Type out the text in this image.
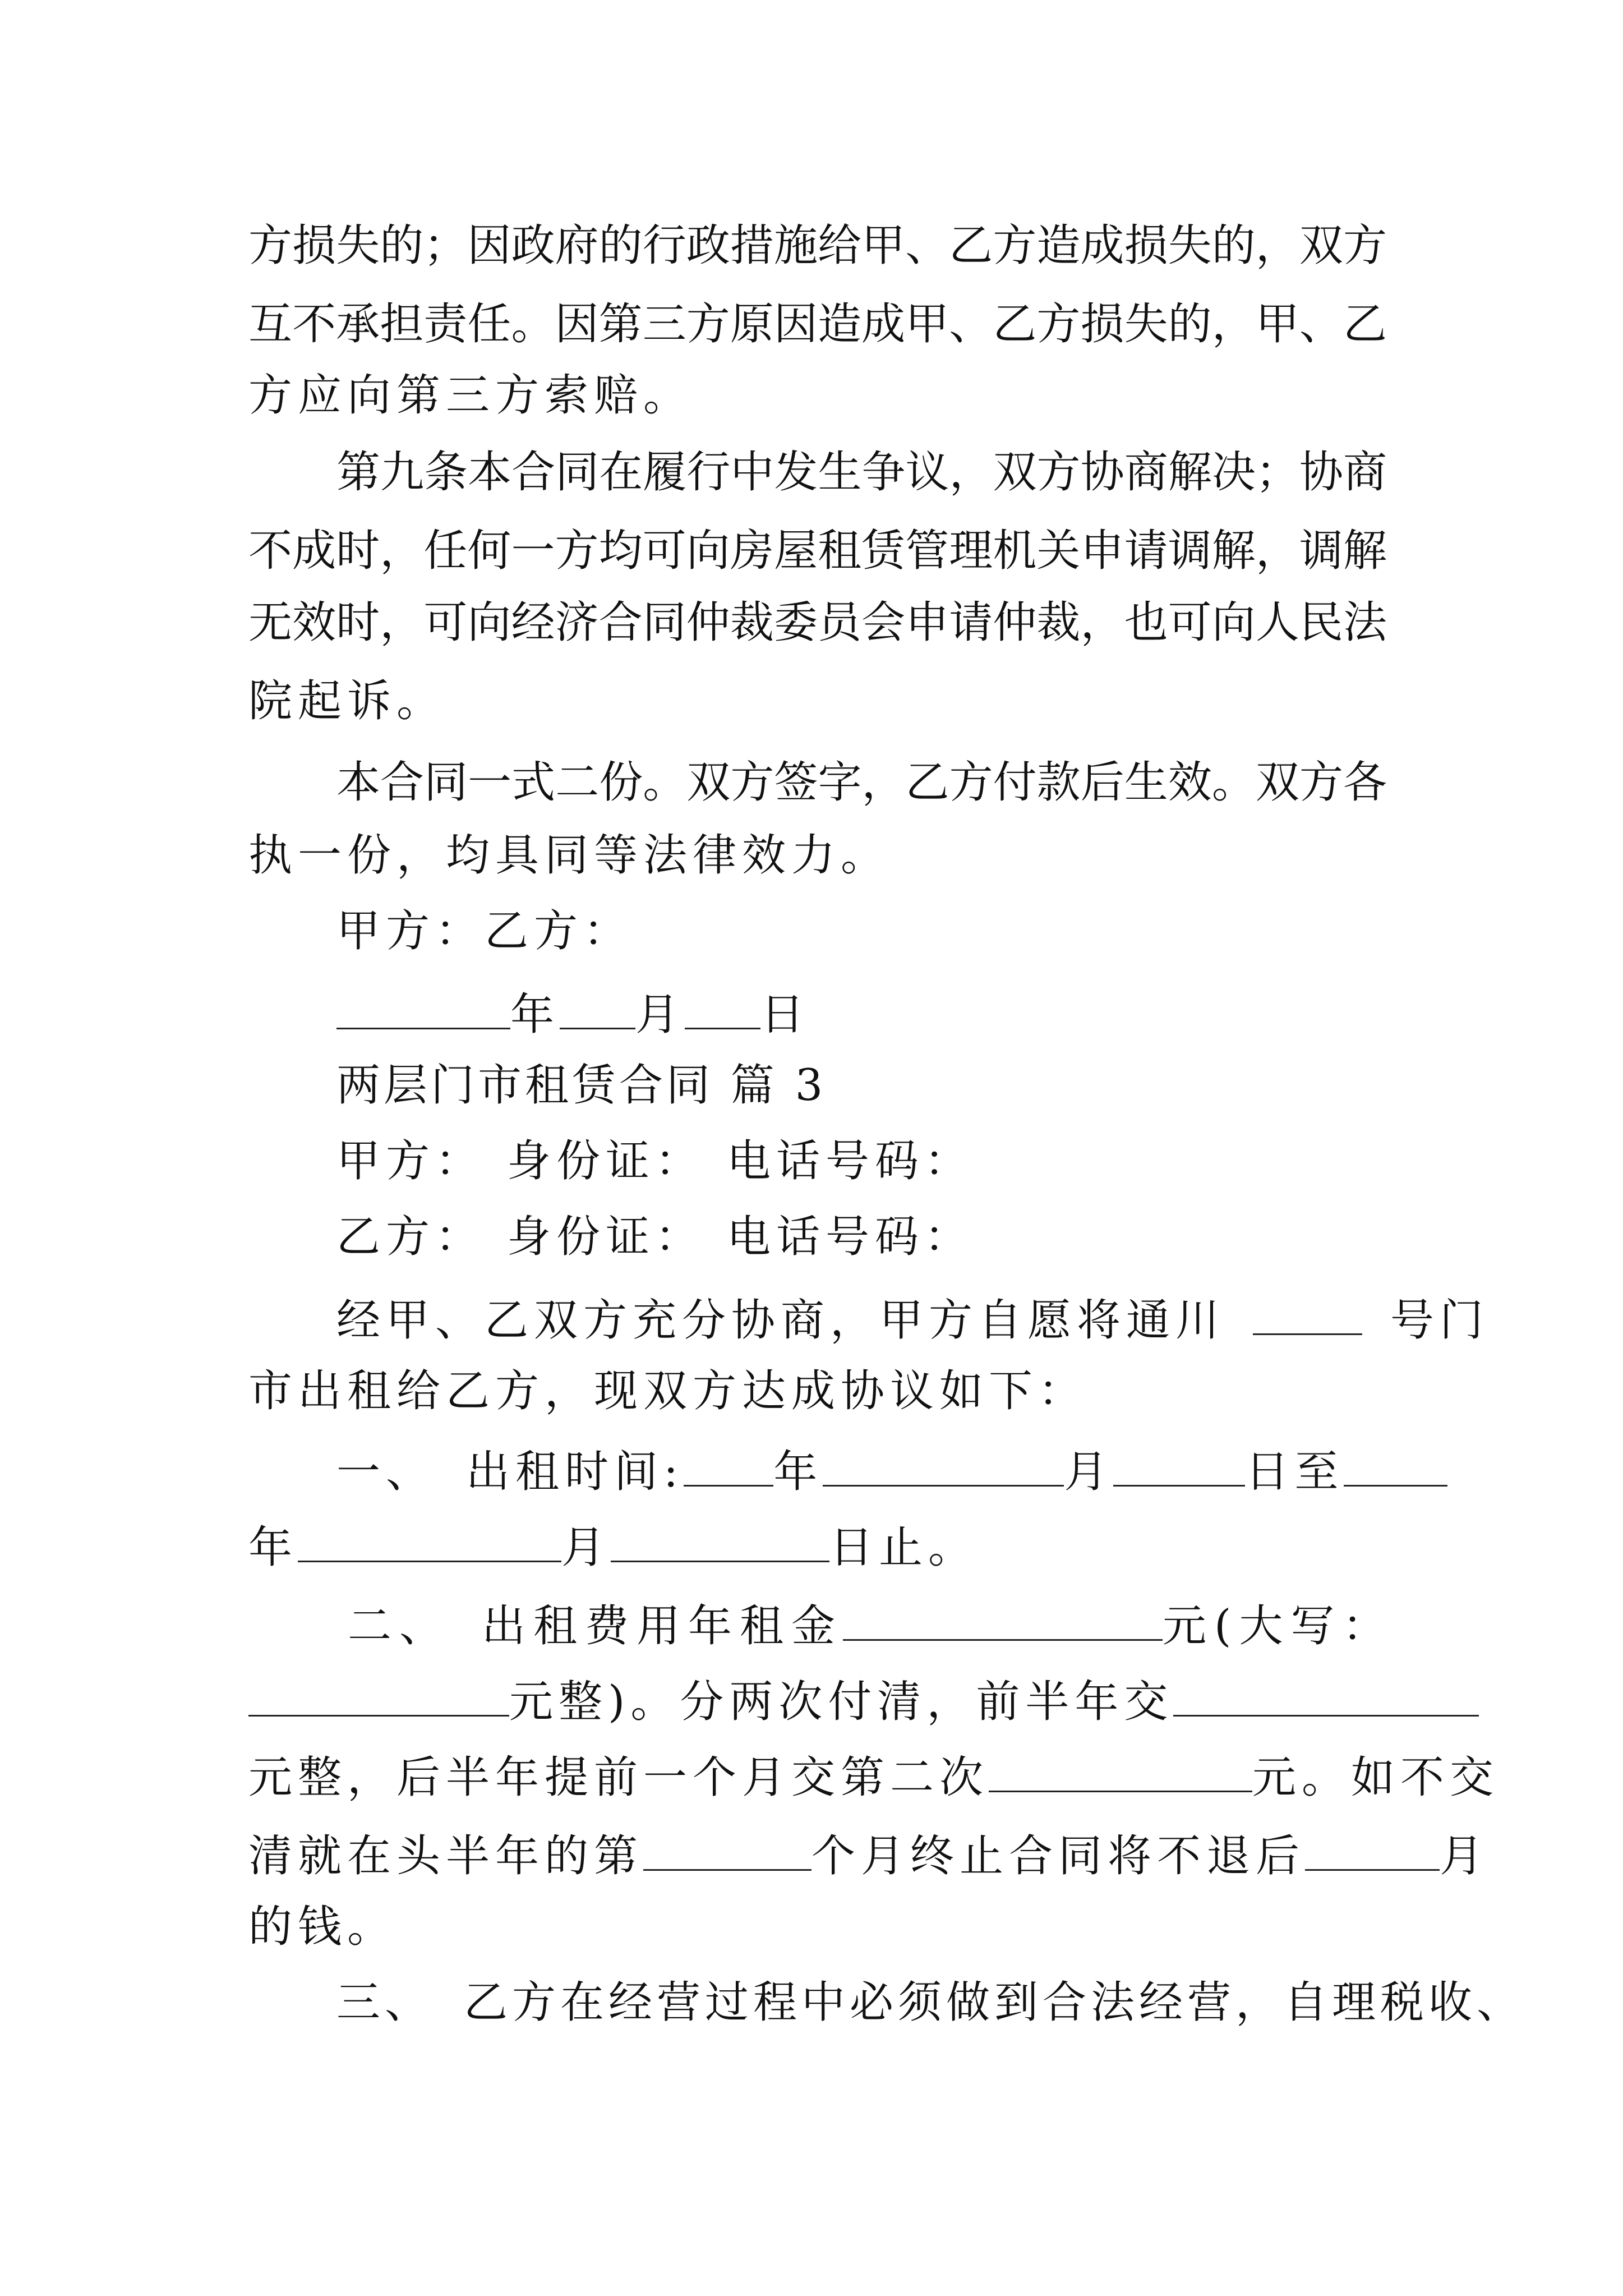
方损失的；因政府的行政措施给甲、乙方造成损失的，双方
互不承担责任。因第三方原因造成甲、乙方损失的，甲、乙
方应向第三方索赔。
第九条本合同在履行中发生争议，双方协商解决；协商
不成时，任何一方均可向房屋租赁管理机关申请调解，调解
无效时，可向经济合同仲裁委员会申请仲裁，也可向人民法
院起诉。
本合同一式二份。双方签字，乙方付款后生效。双方各
执一份，均具同等法律效力。
甲方：乙方：
年 月 日
两层门市租赁合同 篇 3
甲方： 身份证： 电话号码：
乙方： 身份证： 电话号码：
经甲、乙双方充分协商，甲方自愿将通川	号门
市出租给乙方，现双方达成协议如下：
一、 出租时间: 年	月	日至
年	月	日止。
二、 出租费用年租金	元(大写：
元整)。分两次付清，前半年交
元整，后半年提前一个月交第二次	元。如不交
清就在头半年的第	个月终止合同将不退后	月
的钱。
三、 乙方在经营过程中必须做到合法经营，自理税收、
